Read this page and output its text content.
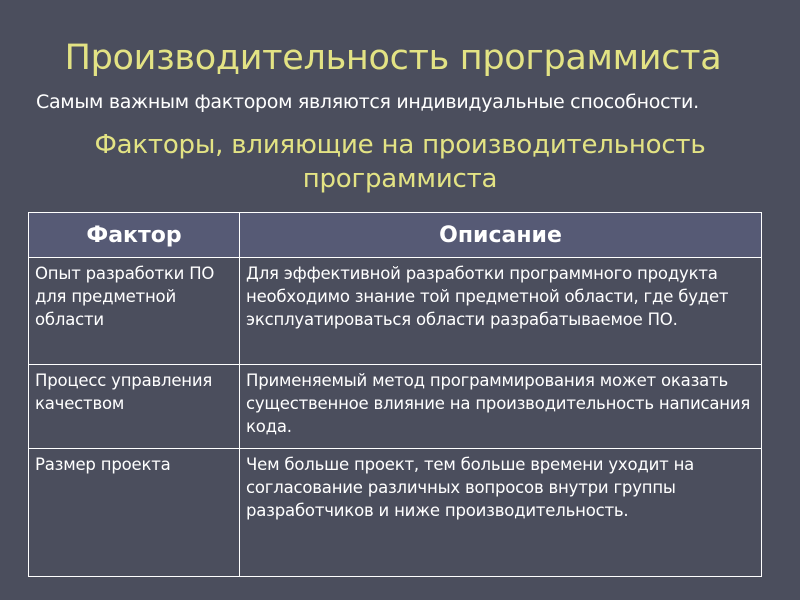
Производительность программиста
Самым важным фактором являются индивидуальные способности.
Факторы, влияющие на производительность
программиста
Фактор	Описание
Опыт разработки ПО для предметной области	Для эффективной разработки программного продукта необходимо знание той предметной области, где будет эксплуатироваться области разрабатываемое ПО.
Процесс управления качеством	Применяемый метод программирования может оказать существенное влияние на производительность написания кода.
Размер проекта	Чем больше проект, тем больше времени уходит на согласование различных вопросов внутри группы разработчиков и ниже производительность.
